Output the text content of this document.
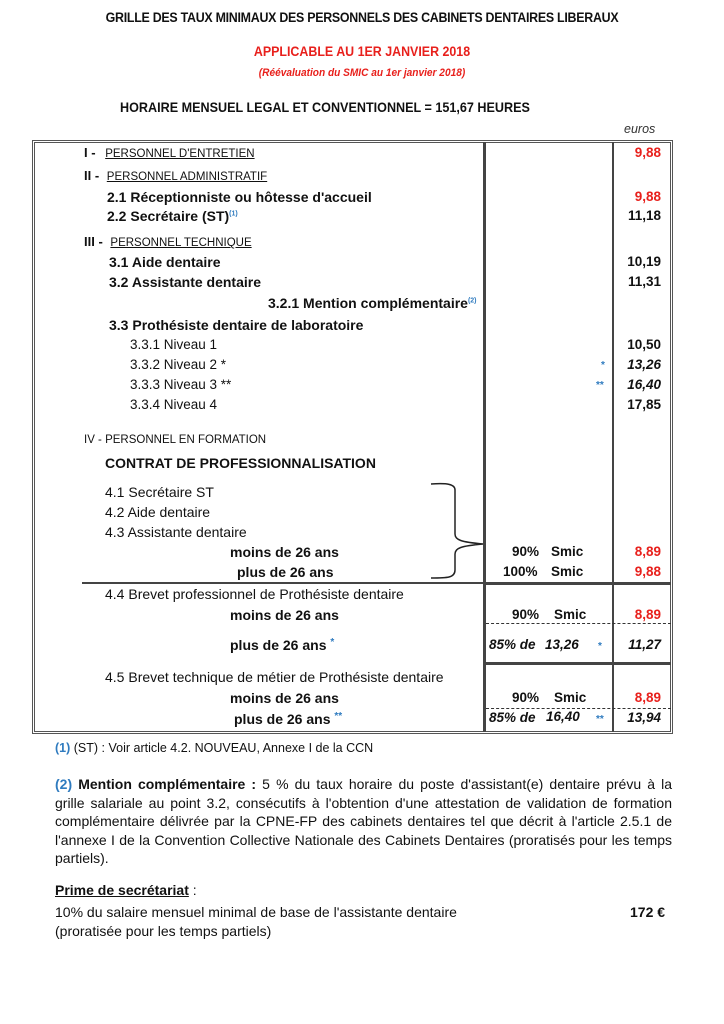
GRILLE DES TAUX MINIMAUX DES PERSONNELS DES CABINETS DENTAIRES LIBERAUX
APPLICABLE AU 1ER JANVIER 2018
(Réévaluation du SMIC au 1er janvier 2018)
HORAIRE MENSUEL LEGAL ET CONVENTIONNEL = 151,67 HEURES
euros
I - PERSONNEL D'ENTRETIEN	9,88
II - PERSONNEL ADMINISTRATIF
2.1 Réceptionniste ou hôtesse d'accueil	9,88
2.2 Secrétaire (ST)$^{(1)}$	11,18
III - PERSONNEL TECHNIQUE
3.1 Aide dentaire	10,19
3.2 Assistante dentaire	11,31
3.2.1 Mention complémentaire$^{(2)}$
3.3 Prothésiste dentaire de laboratoire
3.3.1 Niveau 1	10,50
3.3.2 Niveau 2 *	*	13,26
3.3.3 Niveau 3 **	**	16,40
3.3.4 Niveau 4	17,85
IV - PERSONNEL EN FORMATION
CONTRAT DE PROFESSIONNALISATION
4.1 Secrétaire ST
4.2 Aide dentaire
4.3 Assistante dentaire
moins de 26 ans	90% Smic	8,89
plus de 26 ans	100% Smic	9,88
4.4 Brevet professionnel de Prothésiste dentaire
moins de 26 ans	90% Smic	8,89
plus de 26 ans *	85% de 13,26 *	11,27
4.5 Brevet technique de métier de Prothésiste dentaire
moins de 26 ans	90% Smic	8,89
plus de 26 ans **	85% de 16,40 **	13,94
(1) (ST) : Voir article 4.2. NOUVEAU, Annexe I de la CCN
(2) Mention complémentaire : 5 % du taux horaire du poste d'assistant(e) dentaire prévu à la grille salariale au point 3.2, consécutifs à l'obtention d'une attestation de validation de formation complémentaire délivrée par la CPNE-FP des cabinets dentaires tel que décrit à l'article 2.5.1 de l'annexe I de la Convention Collective Nationale des Cabinets Dentaires (proratisés pour les temps partiels).
Prime de secrétariat :
10% du salaire mensuel minimal de base de l'assistante dentaire	172 €
(proratisée pour les temps partiels)
